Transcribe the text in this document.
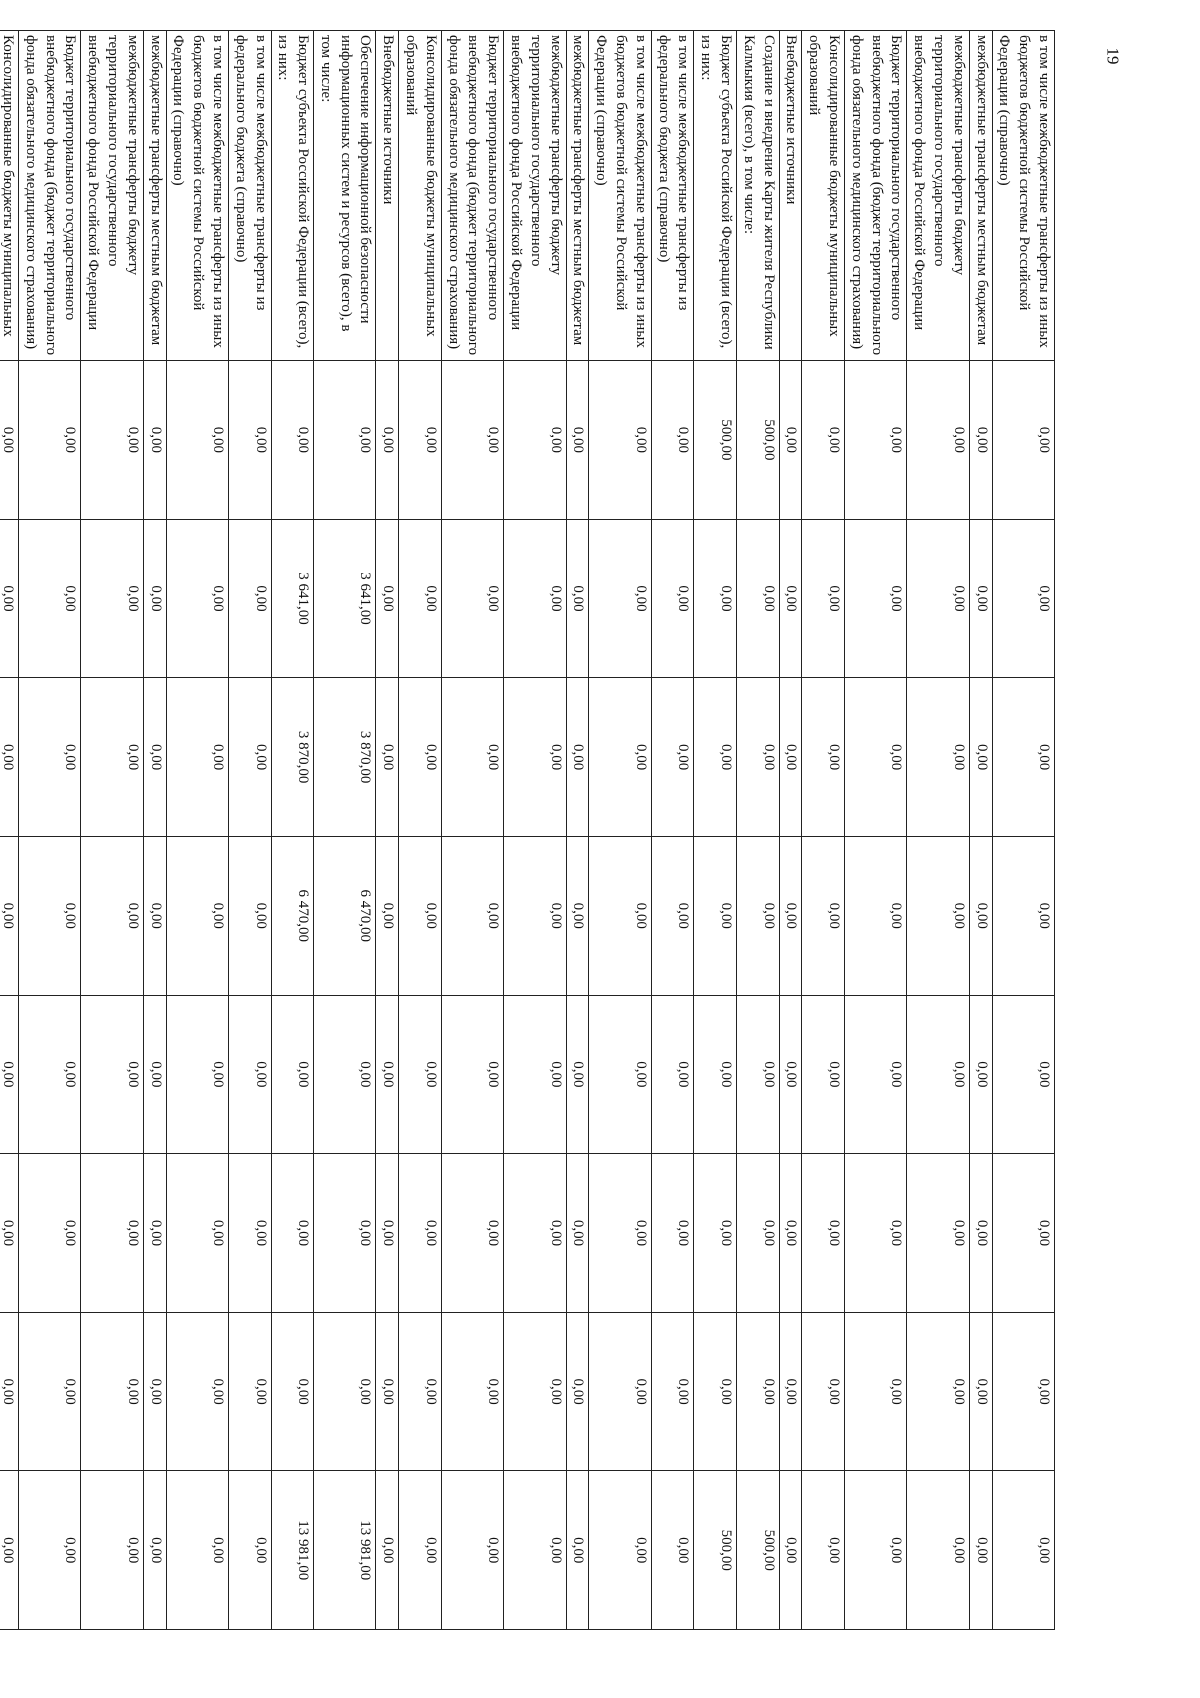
19
в том числе межбюджетные трансферты из иных бюджетов бюджетной системы Российской Федерации (справочно)	0,00	0,00	0,00	0,00	0,00	0,00	0,00	0,00
межбюджетные трансферты местным бюджетам	0,00	0,00	0,00	0,00	0,00	0,00	0,00	0,00
межбюджетные трансферты бюджету территориального государственного внебюджетного фонда Российской Федерации	0,00	0,00	0,00	0,00	0,00	0,00	0,00	0,00
Бюджет территориального государственного внебюджетного фонда (бюджет территориального фонда обязательного медицинского страхования)	0,00	0,00	0,00	0,00	0,00	0,00	0,00	0,00
Консолидированные бюджеты муниципальных образований	0,00	0,00	0,00	0,00	0,00	0,00	0,00	0,00
Внебюджетные источники	0,00	0,00	0,00	0,00	0,00	0,00	0,00	0,00
Создание и внедрение Карты жителя Республики Калмыкия (всего), в том числе:	500,00	0,00	0,00	0,00	0,00	0,00	0,00	500,00
Бюджет субъекта Российской Федерации (всего), из них:	500,00	0,00	0,00	0,00	0,00	0,00	0,00	500,00
в том числе межбюджетные трансферты из федерального бюджета (справочно)	0,00	0,00	0,00	0,00	0,00	0,00	0,00	0,00
в том числе межбюджетные трансферты из иных бюджетов бюджетной системы Российской Федерации (справочно)	0,00	0,00	0,00	0,00	0,00	0,00	0,00	0,00
межбюджетные трансферты местным бюджетам	0,00	0,00	0,00	0,00	0,00	0,00	0,00	0,00
межбюджетные трансферты бюджету территориального государственного внебюджетного фонда Российской Федерации	0,00	0,00	0,00	0,00	0,00	0,00	0,00	0,00
Бюджет территориального государственного внебюджетного фонда (бюджет территориального фонда обязательного медицинского страхования)	0,00	0,00	0,00	0,00	0,00	0,00	0,00	0,00
Консолидированные бюджеты муниципальных образований	0,00	0,00	0,00	0,00	0,00	0,00	0,00	0,00
Внебюджетные источники	0,00	0,00	0,00	0,00	0,00	0,00	0,00	0,00
Обеспечение информационной безопасности информационных систем и ресурсов (всего), в том числе:	0,00	3 641,00	3 870,00	6 470,00	0,00	0,00	0,00	13 981,00
Бюджет субъекта Российской Федерации (всего), из них:	0,00	3 641,00	3 870,00	6 470,00	0,00	0,00	0,00	13 981,00
в том числе межбюджетные трансферты из федерального бюджета (справочно)	0,00	0,00	0,00	0,00	0,00	0,00	0,00	0,00
в том числе межбюджетные трансферты из иных бюджетов бюджетной системы Российской Федерации (справочно)	0,00	0,00	0,00	0,00	0,00	0,00	0,00	0,00
межбюджетные трансферты местным бюджетам	0,00	0,00	0,00	0,00	0,00	0,00	0,00	0,00
межбюджетные трансферты бюджету территориального государственного внебюджетного фонда Российской Федерации	0,00	0,00	0,00	0,00	0,00	0,00	0,00	0,00
Бюджет территориального государственного внебюджетного фонда (бюджет территориального фонда обязательного медицинского страхования)	0,00	0,00	0,00	0,00	0,00	0,00	0,00	0,00
Консолидированные бюджеты муниципальных	0,00	0,00	0,00	0,00	0,00	0,00	0,00	0,00
